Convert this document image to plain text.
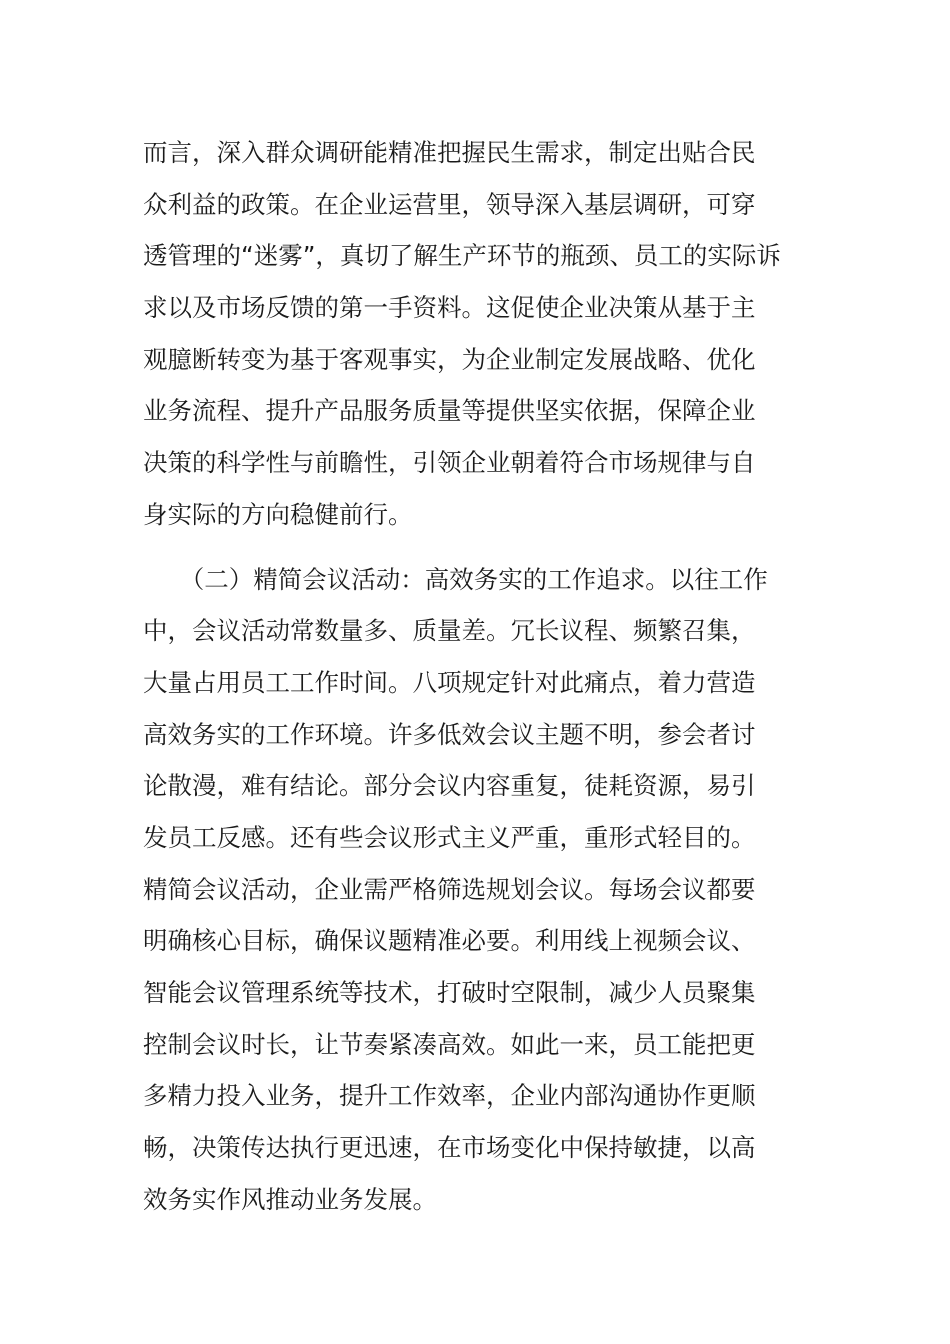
而言，深入群众调研能精准把握民生需求，制定出贴合民
众利益的政策。在企业运营里，领导深入基层调研，可穿
透管理的“迷雾”，真切了解生产环节的瓶颈、员工的实际诉
求以及市场反馈的第一手资料。这促使企业决策从基于主
观臆断转变为基于客观事实，为企业制定发展战略、优化
业务流程、提升产品服务质量等提供坚实依据，保障企业
决策的科学性与前瞻性，引领企业朝着符合市场规律与自
身实际的方向稳健前行。
　　（二）精简会议活动：高效务实的工作追求。以往工作
中，会议活动常数量多、质量差。冗长议程、频繁召集，
大量占用员工工作时间。八项规定针对此痛点，着力营造
高效务实的工作环境。许多低效会议主题不明，参会者讨
论散漫，难有结论。部分会议内容重复，徒耗资源，易引
发员工反感。还有些会议形式主义严重，重形式轻目的。
精简会议活动，企业需严格筛选规划会议。每场会议都要
明确核心目标，确保议题精准必要。利用线上视频会议、
智能会议管理系统等技术，打破时空限制，减少人员聚集
控制会议时长，让节奏紧凑高效。如此一来，员工能把更
多精力投入业务，提升工作效率，企业内部沟通协作更顺
畅，决策传达执行更迅速，在市场变化中保持敏捷，以高
效务实作风推动业务发展。
